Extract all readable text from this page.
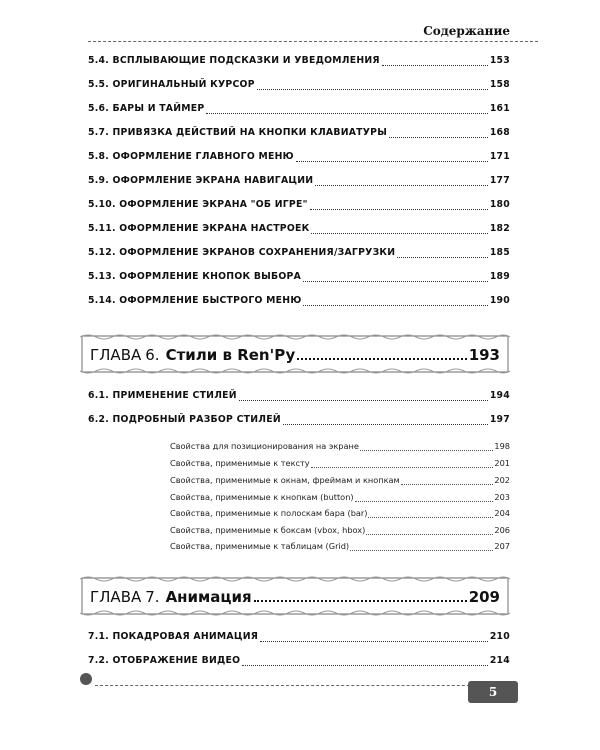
Содержание
5.4. ВСПЛЫВАЮЩИЕ ПОДСКАЗКИ И УВЕДОМЛЕНИЯ	153
5.5. ОРИГИНАЛЬНЫЙ КУРСОР	158
5.6. БАРЫ И ТАЙМЕР	161
5.7. ПРИВЯЗКА ДЕЙСТВИЙ НА КНОПКИ КЛАВИАТУРЫ	168
5.8. ОФОРМЛЕНИЕ ГЛАВНОГО МЕНЮ	171
5.9. ОФОРМЛЕНИЕ ЭКРАНА НАВИГАЦИИ	177
5.10. ОФОРМЛЕНИЕ ЭКРАНА "ОБ ИГРЕ"	180
5.11. ОФОРМЛЕНИЕ ЭКРАНА НАСТРОЕК	182
5.12. ОФОРМЛЕНИЕ ЭКРАНОВ СОХРАНЕНИЯ/ЗАГРУЗКИ	185
5.13. ОФОРМЛЕНИЕ КНОПОК ВЫБОРА	189
5.14. ОФОРМЛЕНИЕ БЫСТРОГО МЕНЮ	190
ГЛАВА 6. Стили в Ren'Py	193
6.1. ПРИМЕНЕНИЕ СТИЛЕЙ	194
6.2. ПОДРОБНЫЙ РАЗБОР СТИЛЕЙ	197
Свойства для позиционирования на экране	198
Свойства, применимые к тексту	201
Свойства, применимые к окнам, фреймам и кнопкам	202
Свойства, применимые к кнопкам (button)	203
Свойства, применимые к полоскам бара (bar)	204
Свойства, применимые к боксам (vbox, hbox)	206
Свойства, применимые к таблицам (Grid)	207
ГЛАВА 7. Анимация	209
7.1. ПОКАДРОВАЯ АНИМАЦИЯ	210
7.2. ОТОБРАЖЕНИЕ ВИДЕО	214
5
